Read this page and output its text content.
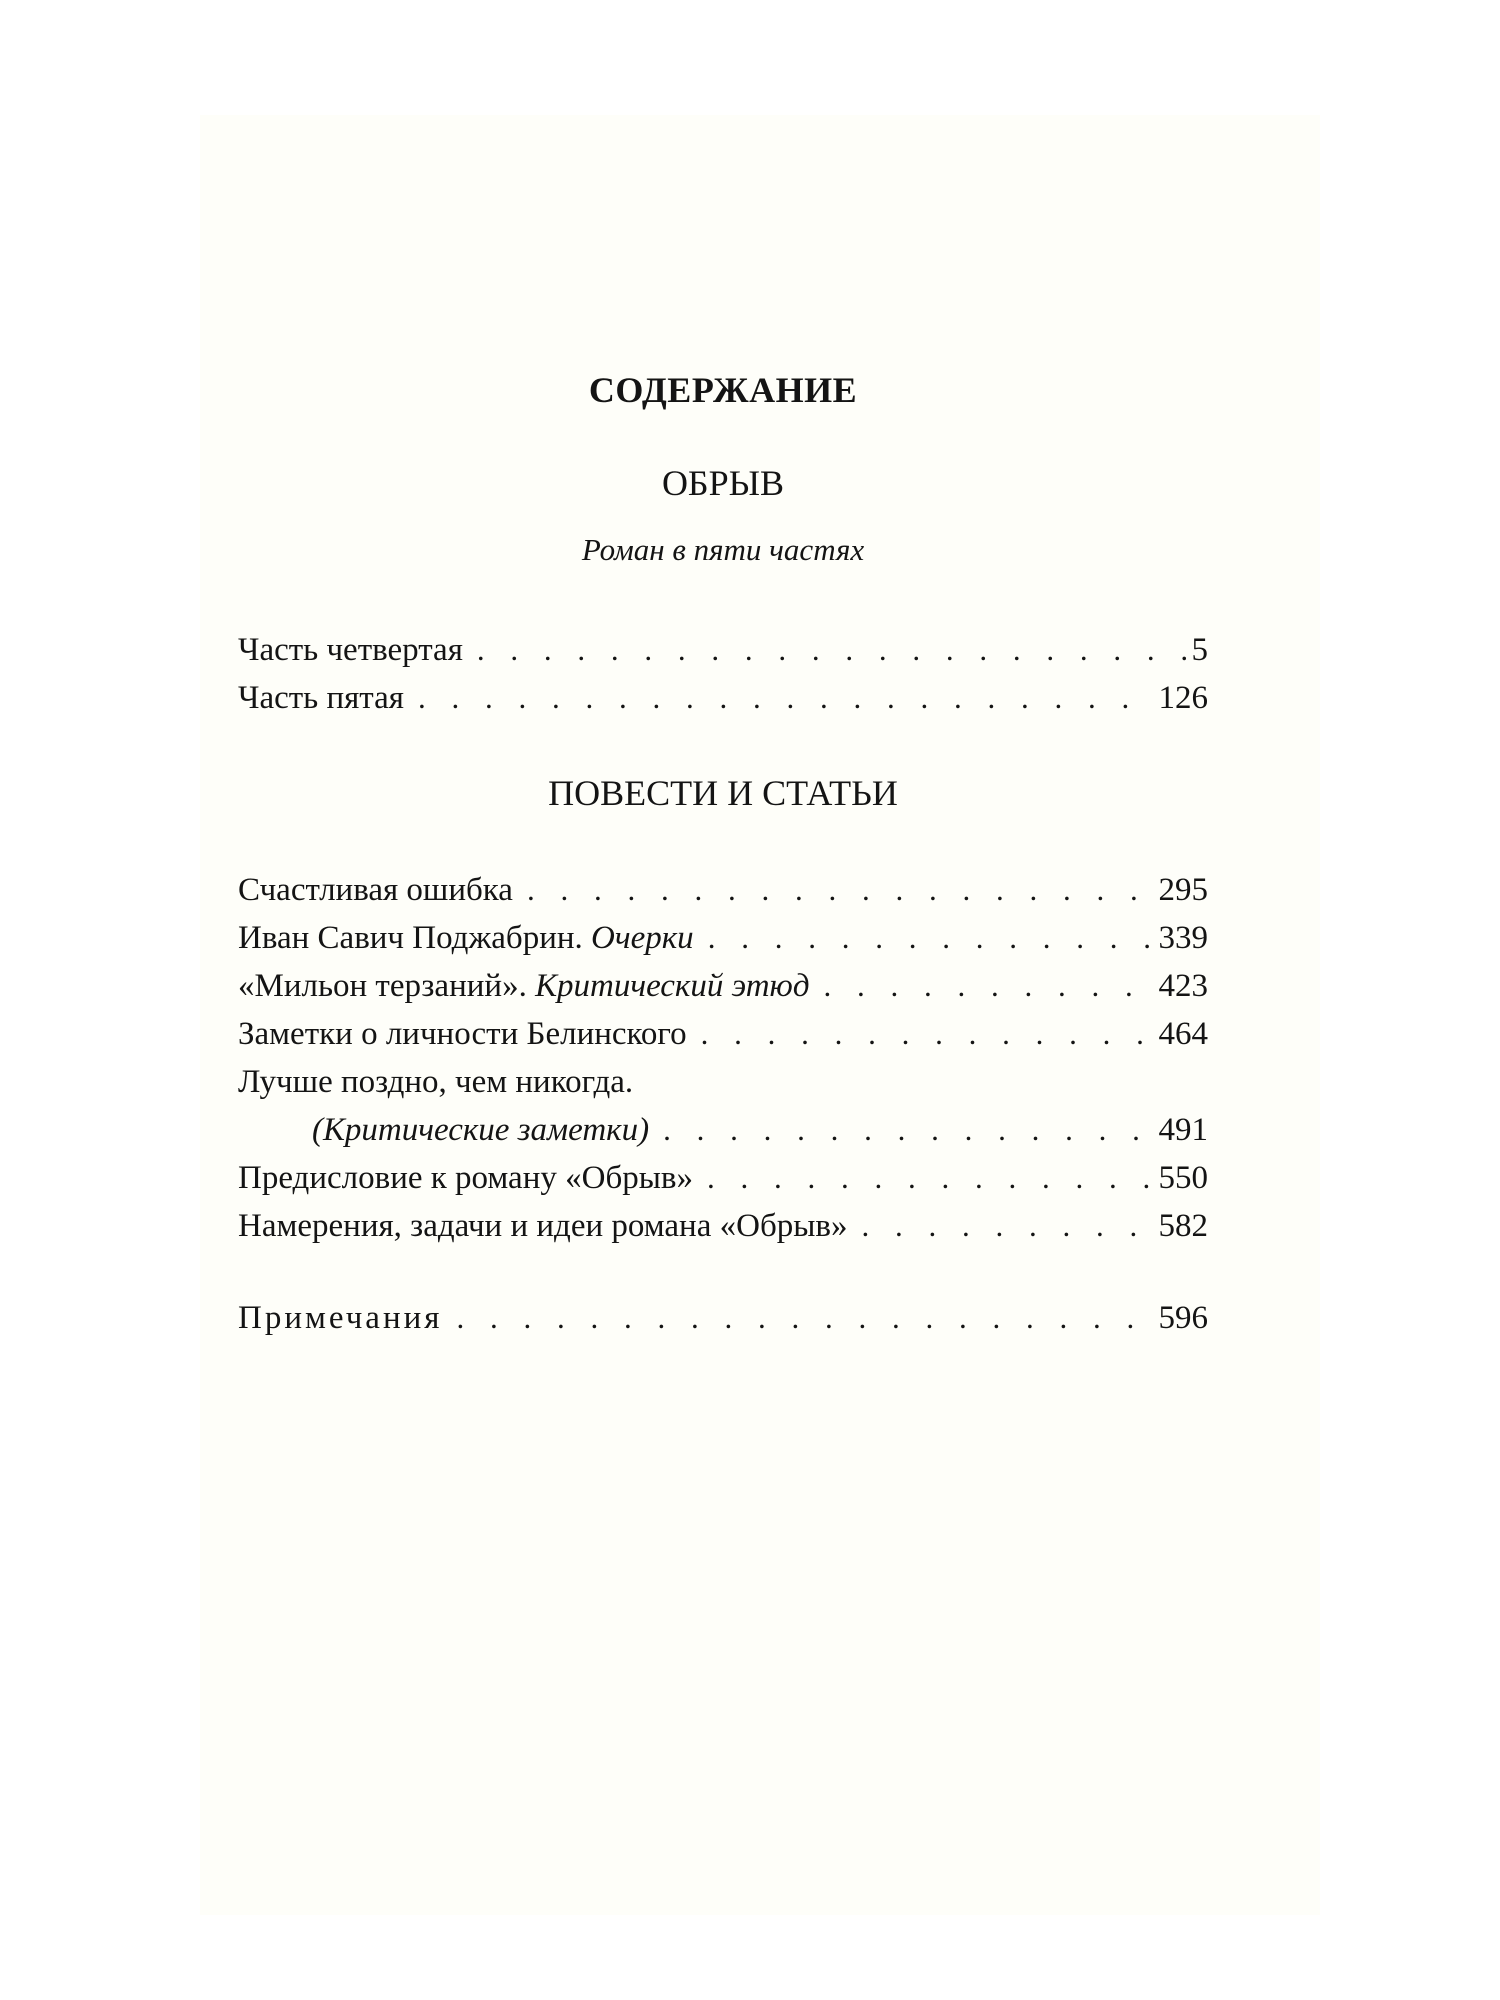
СОДЕРЖАНИЕ
ОБРЫВ
Роман в пяти частях
Часть четвертая . . .	5
Часть пятая . . .	126
ПОВЕСТИ И СТАТЬИ
Счастливая ошибка . . .	295
Иван Савич Поджабрин. Очерки . . .	339
«Мильон терзаний». Критический этюд . . .	423
Заметки о личности Белинского . . .	464
Лучше поздно, чем никогда.
(Критические заметки) . . .	491
Предисловие к роману «Обрыв» . . .	550
Намерения, задачи и идеи романа «Обрыв» . . .	582
Примечания . . .	596
